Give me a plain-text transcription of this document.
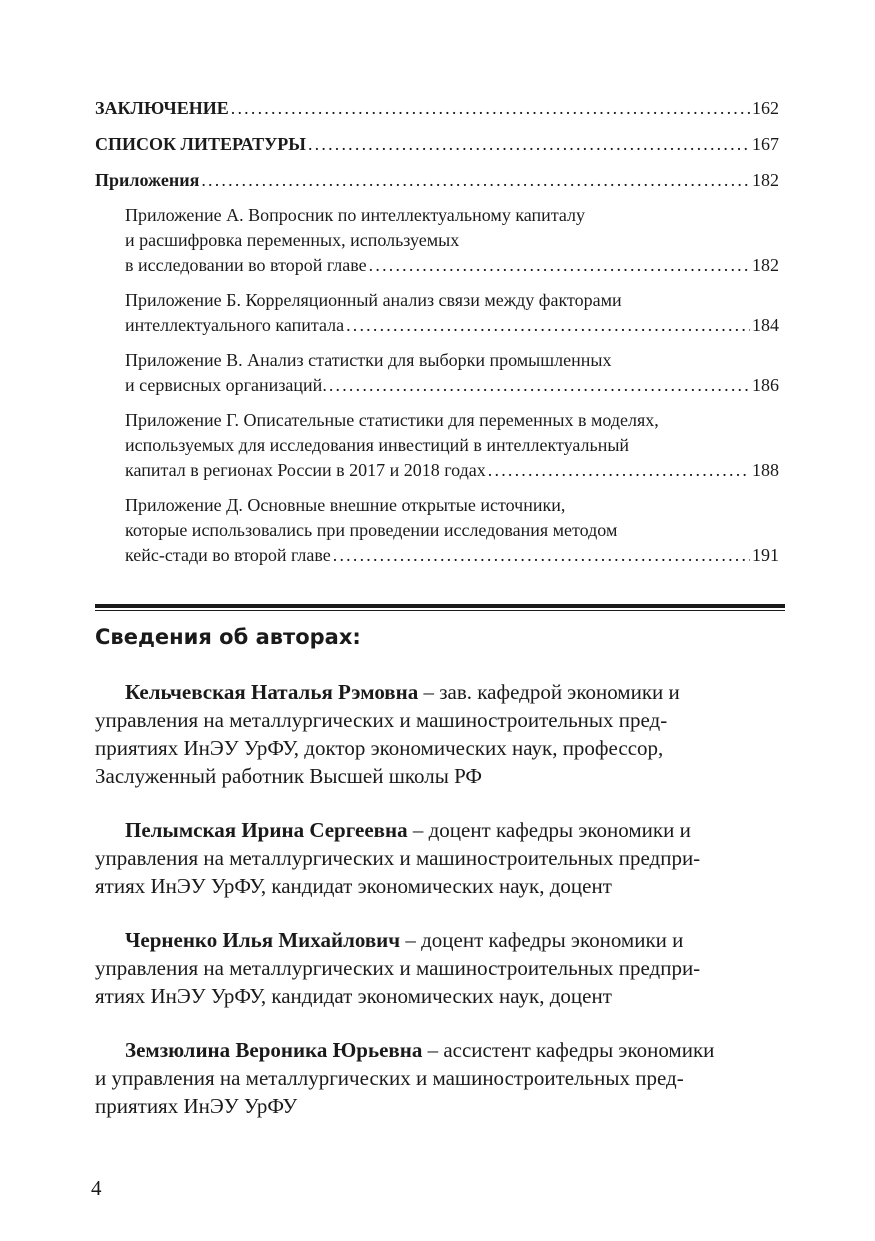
ЗАКЛЮЧЕНИЕ .....	162
СПИСОК ЛИТЕРАТУРЫ .....	167
Приложения .....	182
Приложение А. Вопросник по интеллектуальному капиталу
и расшифровка переменных, используемых
в исследовании во второй главе .....	182
Приложение Б. Корреляционный анализ связи между факторами
интеллектуального капитала .....	184
Приложение В. Анализ статистки для выборки промышленных
и сервисных организаций. .....	186
Приложение Г. Описательные статистики для переменных в моделях,
используемых для исследования инвестиций в интеллектуальный
капитал в регионах России в 2017 и 2018 годах .....	188
Приложение Д. Основные внешние открытые источники,
которые использовались при проведении исследования методом
кейс-стади во второй главе .....	191
Сведения об авторах:
Кельчевская Наталья Рэмовна – зав. кафедрой экономики и
управления на металлургических и машиностроительных пред-
приятиях ИнЭУ УрФУ, доктор экономических наук, профессор,
Заслуженный работник Высшей школы РФ
Пелымская Ирина Сергеевна – доцент кафедры экономики и
управления на металлургических и машиностроительных предпри-
ятиях ИнЭУ УрФУ, кандидат экономических наук, доцент
Черненко Илья Михайлович – доцент кафедры экономики и
управления на металлургических и машиностроительных предпри-
ятиях ИнЭУ УрФУ, кандидат экономических наук, доцент
Земзюлина Вероника Юрьевна – ассистент кафедры экономики
и управления на металлургических и машиностроительных пред-
приятиях ИнЭУ УрФУ
4
